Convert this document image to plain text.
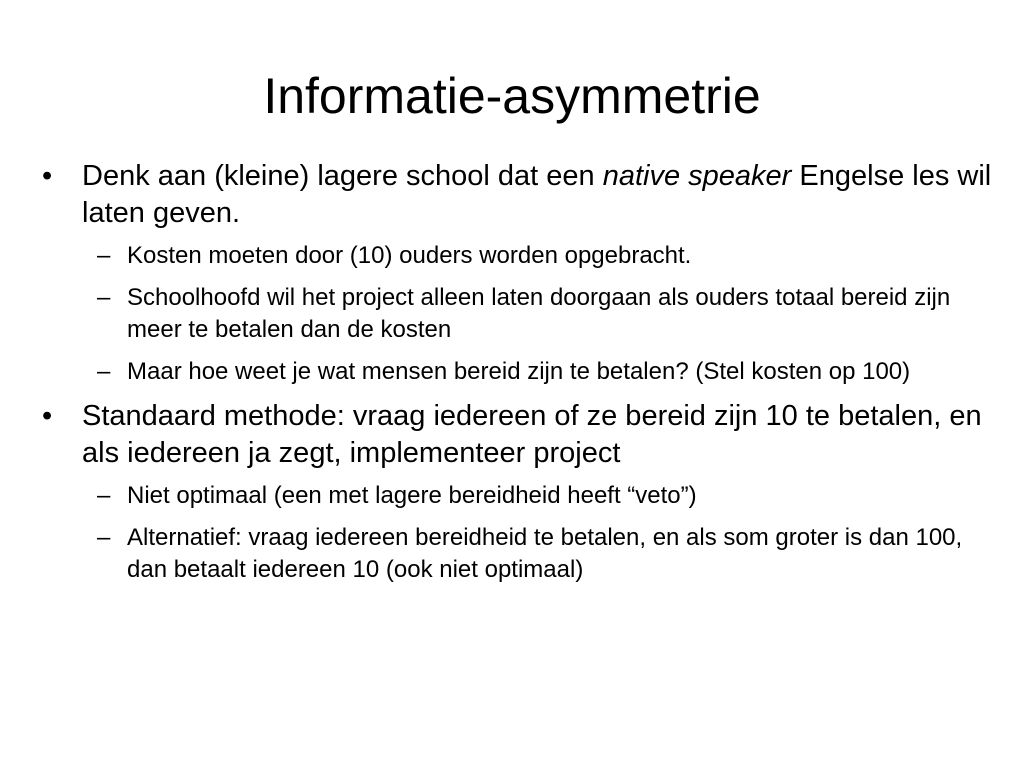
Informatie-asymmetrie
•	Denk aan (kleine) lagere school dat een native speaker Engelse les wil laten geven.
– Kosten moeten door (10) ouders worden opgebracht.
– Schoolhoofd wil het project alleen laten doorgaan als ouders totaal bereid zijn meer te betalen dan de kosten
– Maar hoe weet je wat mensen bereid zijn te betalen? (Stel kosten op 100)
•	Standaard methode: vraag iedereen of ze bereid zijn 10 te betalen, en als iedereen ja zegt, implementeer project
– Niet optimaal (een met lagere bereidheid heeft “veto”)
– Alternatief: vraag iedereen bereidheid te betalen, en als som groter is dan 100, dan betaalt iedereen 10 (ook niet optimaal)
